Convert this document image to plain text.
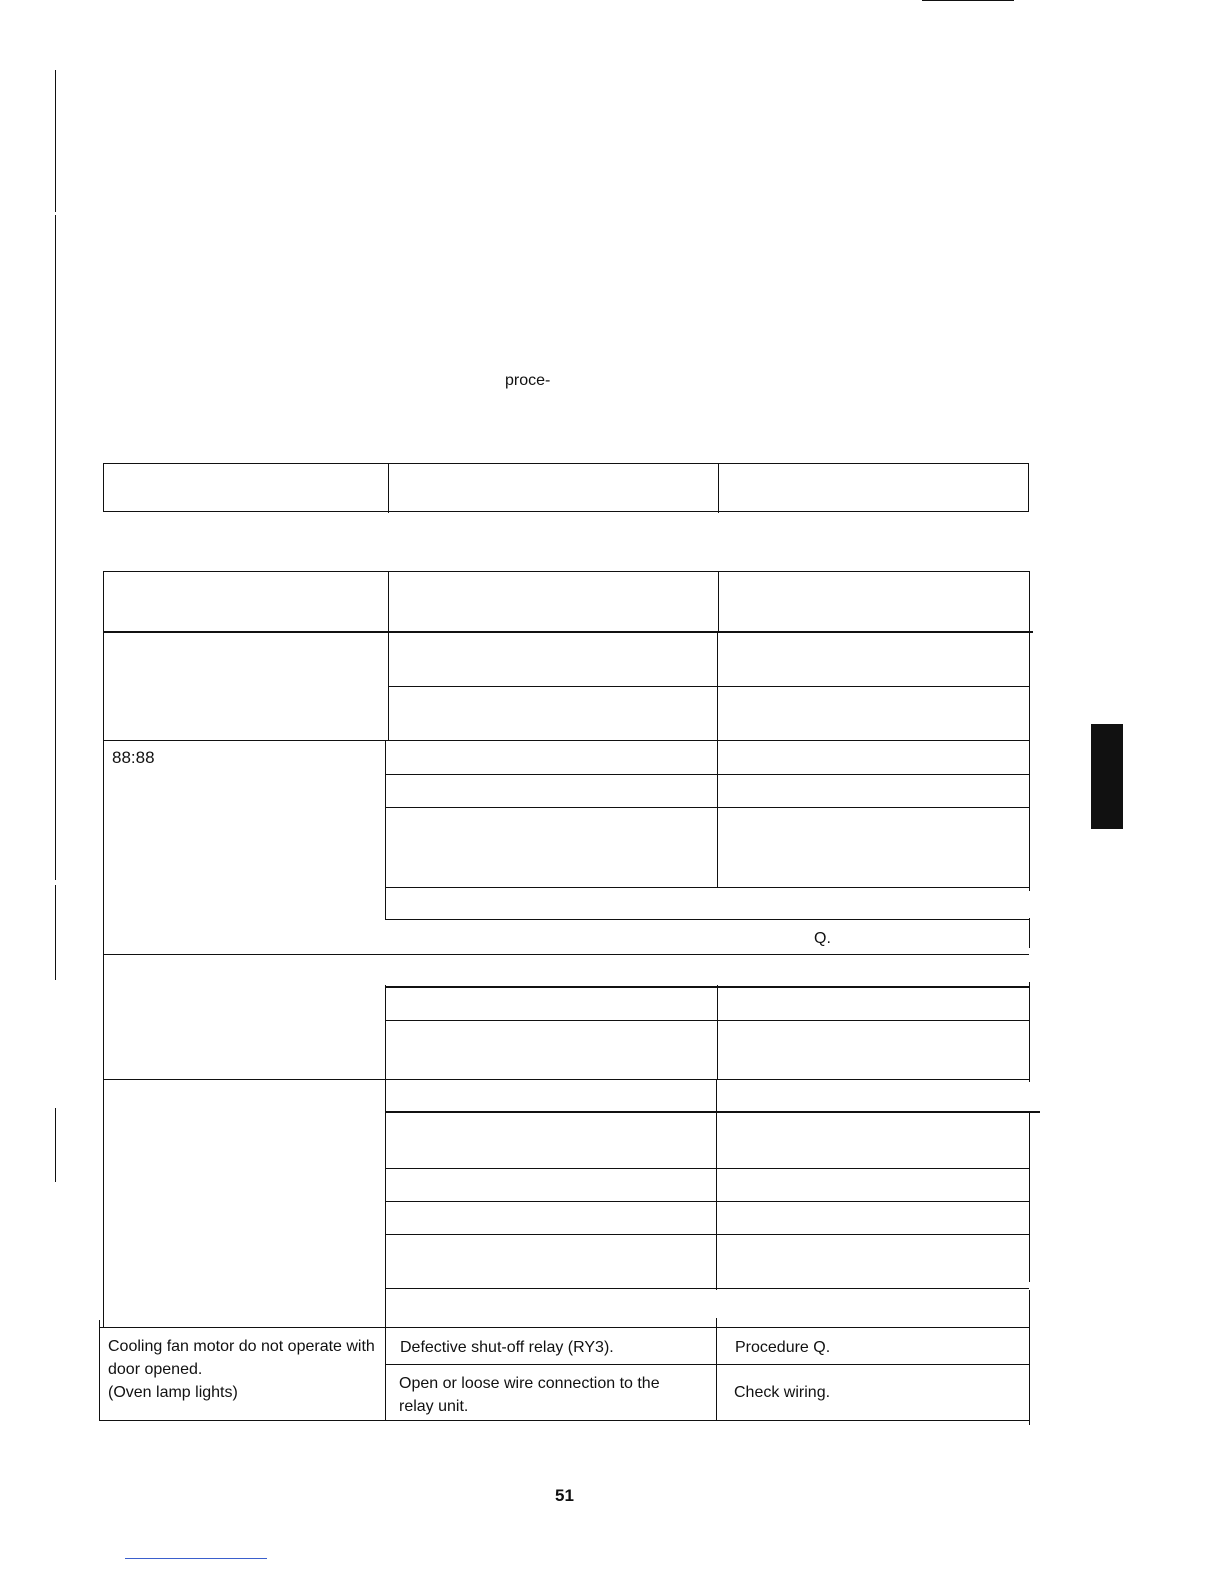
proce-
88:88
Q.
Cooling fan motor do not operate with door opened.
(Oven lamp lights)
Defective shut-off relay (RY3).	Procedure Q.
Open or loose wire connection to the
relay unit.
Check wiring.
51
